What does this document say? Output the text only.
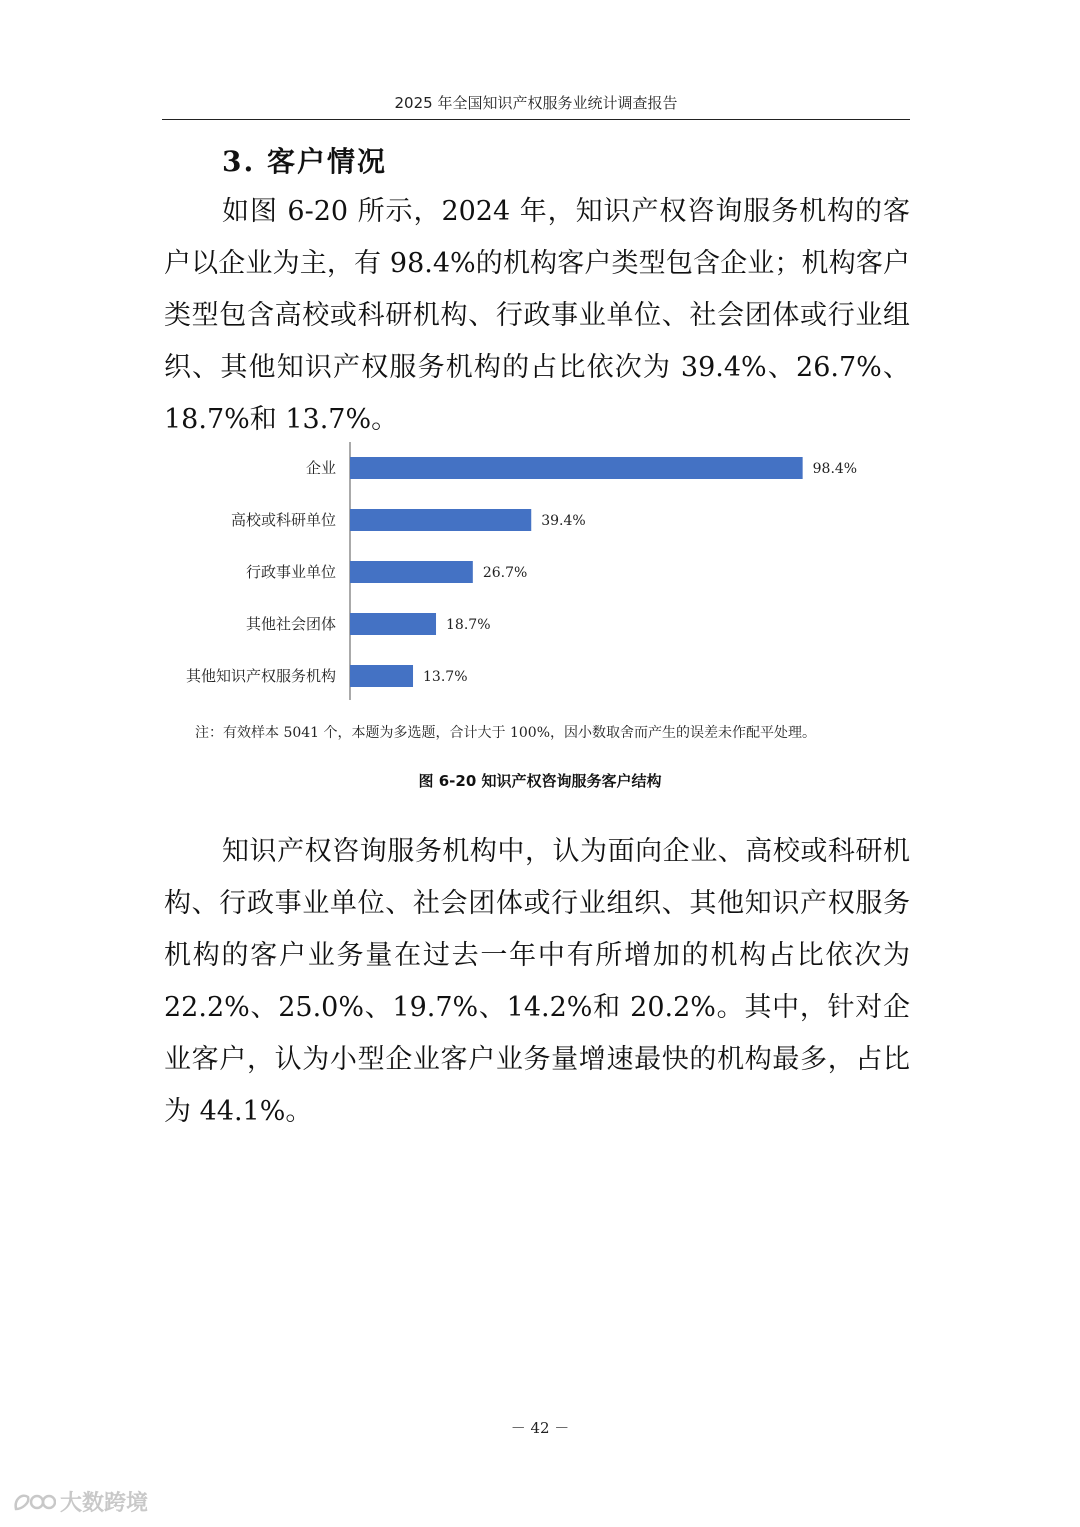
2025 年全国知识产权服务业统计调查报告
3. 客户情况

如图 6-20 所示，2024 年，知识产权咨询服务机构的客户以企业为主，有 98.4%的机构客户类型包含企业；机构客户类型包含高校或科研机构、行政事业单位、社会团体或行业组织、其他知识产权服务机构的占比依次为 39.4%、26.7%、18.7%和 13.7%。

企业	98.4%
高校或科研单位	39.4%
行政事业单位	26.7%
其他社会团体	18.7%
其他知识产权服务机构	13.7%
注：有效样本 5041 个，本题为多选题，合计大于 100%，因小数取舍而产生的误差未作配平处理。
图 6-20 知识产权咨询服务客户结构

知识产权咨询服务机构中，认为面向企业、高校或科研机构、行政事业单位、社会团体或行业组织、其他知识产权服务机构的客户业务量在过去一年中有所增加的机构占比依次为 22.2%、25.0%、19.7%、14.2%和 20.2%。其中，针对企业客户，认为小型企业客户业务量增速最快的机构最多，占比为 44.1%。

－ 42 －
大数跨境
